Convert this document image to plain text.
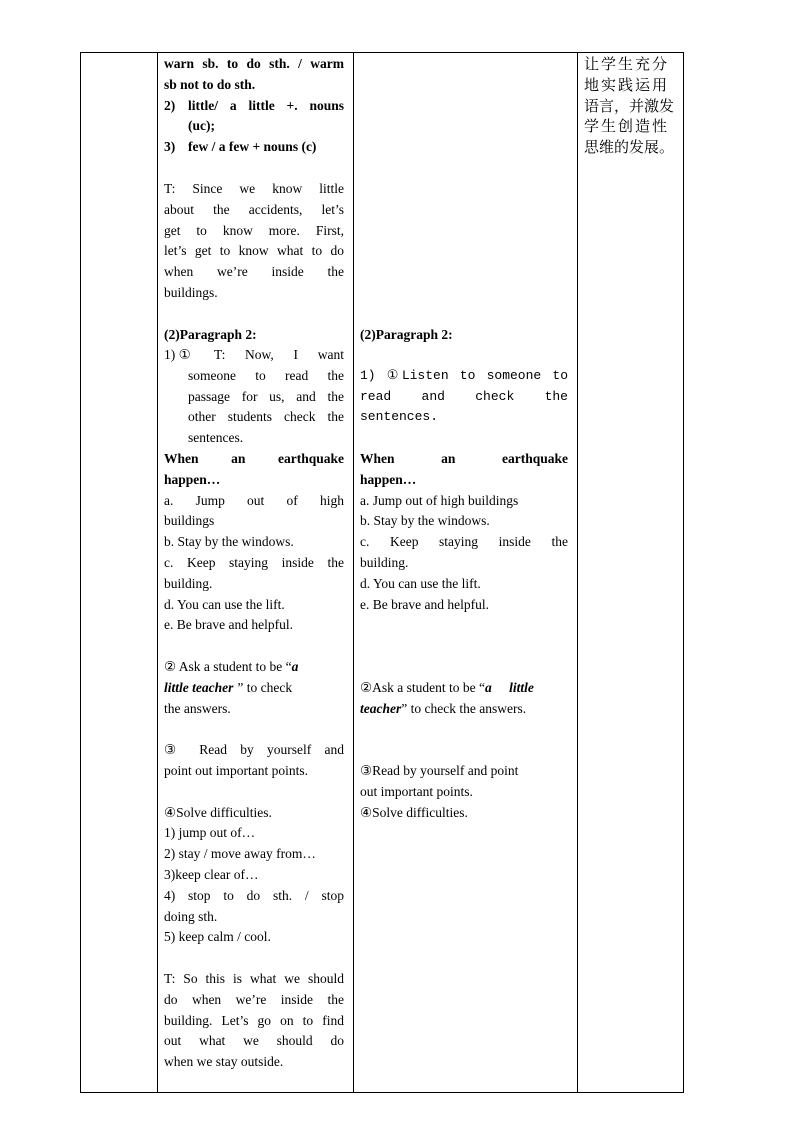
warn sb. to do sth. / warm
sb not to do sth.
2) little/ a little +. nouns
(uc);
3) few / a few + nouns (c)
T: Since we know little
about the accidents, let’s
get to know more. First,
let’s get to know what to do
when we’re inside the
buildings.
(2)Paragraph 2:
1) ① T: Now, I want
someone to read the
passage for us, and the
other students check the
sentences.
When an earthquake
happen…
a. Jump out of high
buildings
b. Stay by the windows.
c. Keep staying inside the
building.
d. You can use the lift.
e. Be brave and helpful.
② Ask a student to be “a
little teacher ” to check
the answers.
③ Read by yourself and
point out important points.
④Solve difficulties.
1) jump out of…
2) stay / move away from…
3)keep clear of…
4) stop to do sth. / stop
doing sth.
5) keep calm / cool.
T: So this is what we should
do when we’re inside the
building. Let’s go on to find
out what we should do
when we stay outside.
(2)Paragraph 2:
1) ①Listen to someone to
read and check the
sentences.
When an earthquake
happen…
a. Jump out of high buildings
b. Stay by the windows.
c. Keep staying inside the
building.
d. You can use the lift.
e. Be brave and helpful.
②Ask a student to be “a little
teacher” to check the answers.
③Read by yourself and point
out important points.
④Solve difficulties.
让学生充分
地实践运用
语言，并激发
学生创造性
思维的发展。
